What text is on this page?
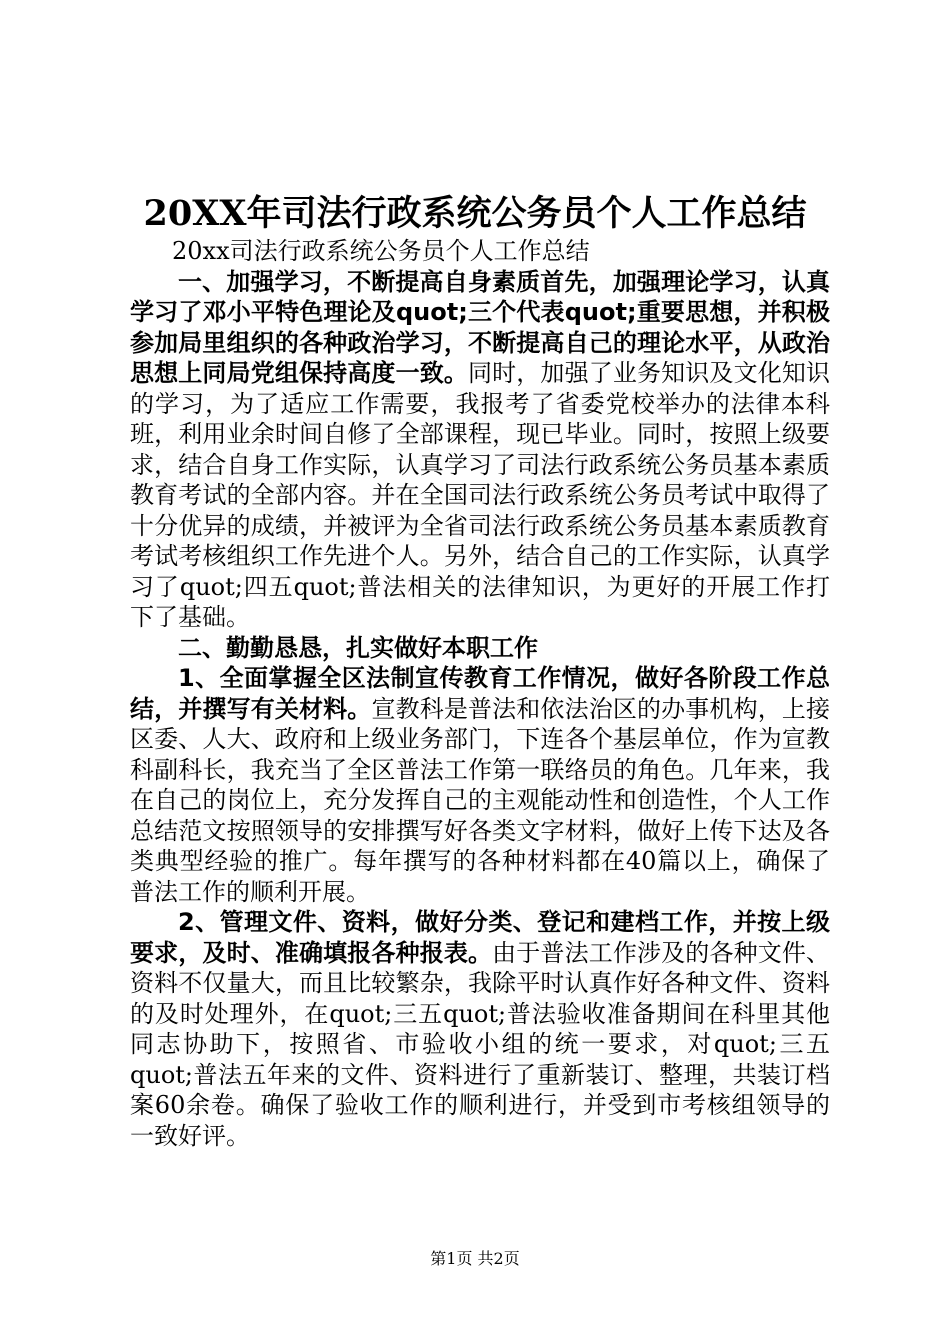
20XX年司法行政系统公务员个人工作总结

20xx司法行政系统公务员个人工作总结

一、加强学习，不断提高自身素质首先，加强理论学习，认真学习了邓小平特色理论及quot;三个代表quot;重要思想，并积极参加局里组织的各种政治学习，不断提高自己的理论水平，从政治思想上同局党组保持高度一致。同时，加强了业务知识及文化知识的学习，为了适应工作需要，我报考了省委党校举办的法律本科班，利用业余时间自修了全部课程，现已毕业。同时，按照上级要求，结合自身工作实际，认真学习了司法行政系统公务员基本素质教育考试的全部内容。并在全国司法行政系统公务员考试中取得了十分优异的成绩，并被评为全省司法行政系统公务员基本素质教育考试考核组织工作先进个人。另外，结合自己的工作实际，认真学习了quot;四五quot;普法相关的法律知识，为更好的开展工作打下了基础。

二、勤勤恳恳，扎实做好本职工作

1、全面掌握全区法制宣传教育工作情况，做好各阶段工作总结，并撰写有关材料。宣教科是普法和依法治区的办事机构，上接区委、人大、政府和上级业务部门，下连各个基层单位，作为宣教科副科长，我充当了全区普法工作第一联络员的角色。几年来，我在自己的岗位上，充分发挥自己的主观能动性和创造性，个人工作总结范文按照领导的安排撰写好各类文字材料，做好上传下达及各类典型经验的推广。每年撰写的各种材料都在40篇以上，确保了普法工作的顺利开展。

2、管理文件、资料，做好分类、登记和建档工作，并按上级要求，及时、准确填报各种报表。由于普法工作涉及的各种文件、资料不仅量大，而且比较繁杂，我除平时认真作好各种文件、资料的及时处理外，在quot;三五quot;普法验收准备期间在科里其他同志协助下，按照省、市验收小组的统一要求，对quot;三五quot;普法五年来的文件、资料进行了重新装订、整理，共装订档案60余卷。确保了验收工作的顺利进行，并受到市考核组领导的一致好评。

第1页 共2页
